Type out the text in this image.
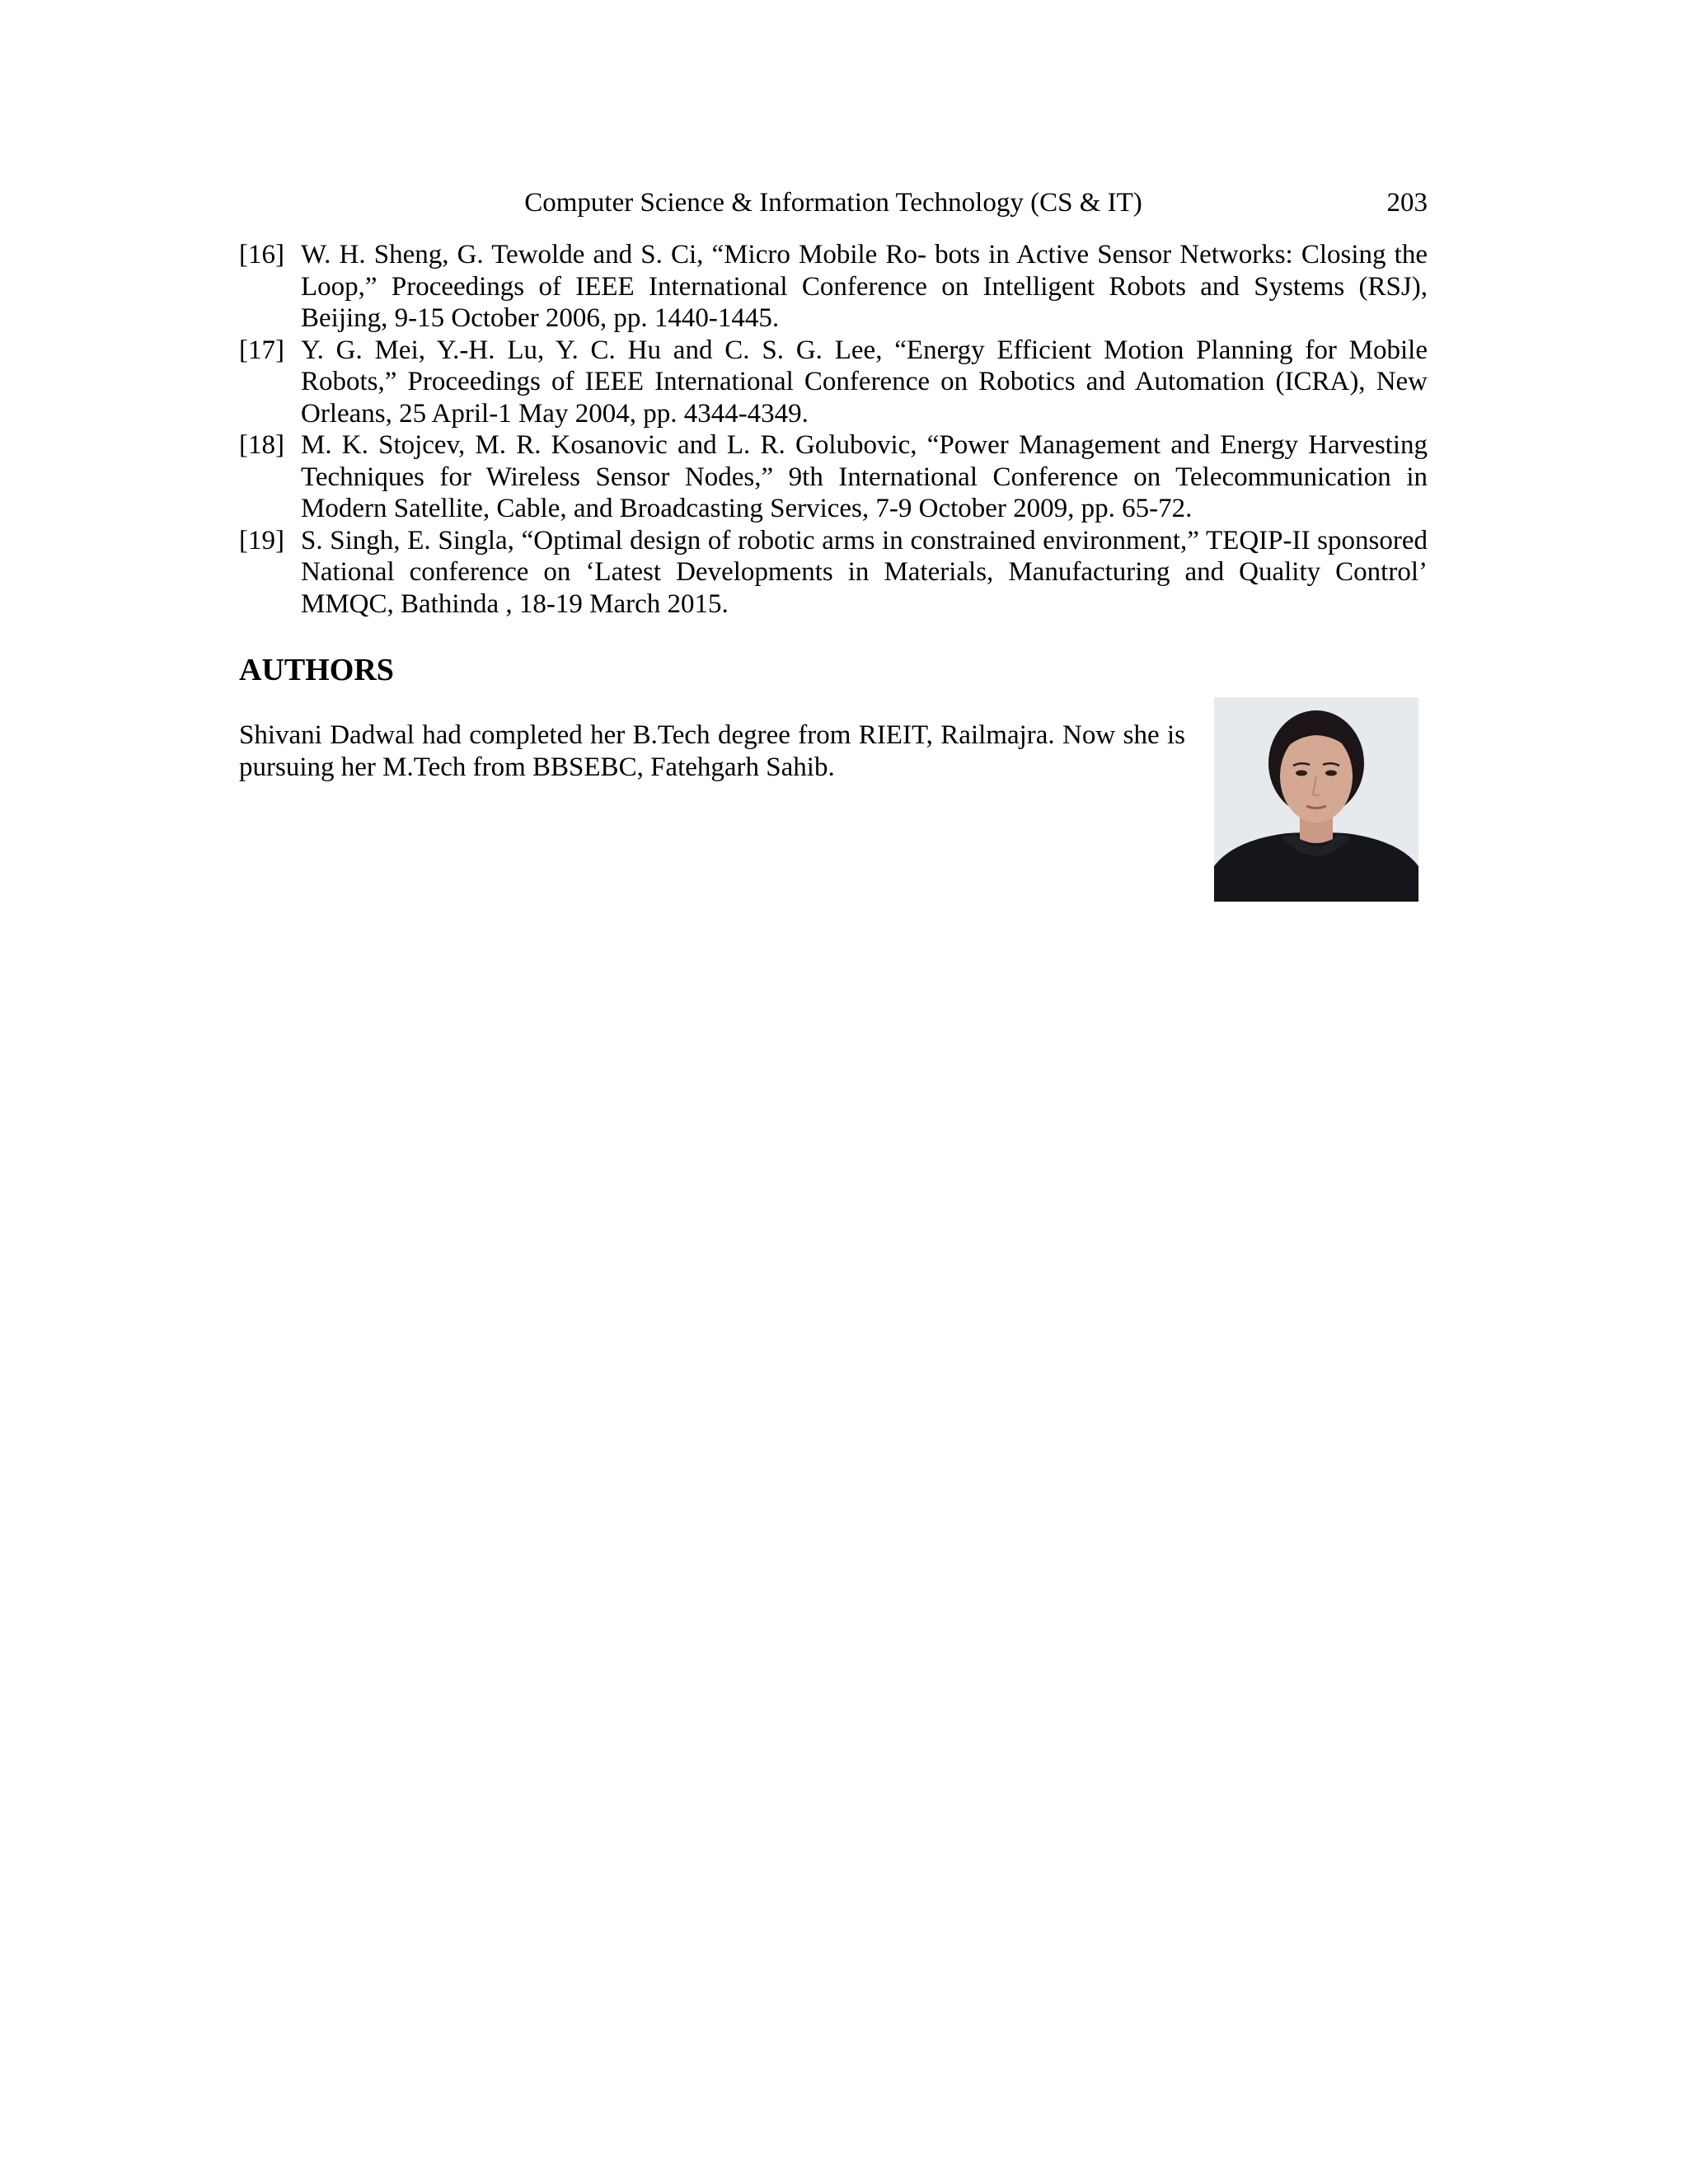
Computer Science & Information Technology (CS & IT)	203
[16] W. H. Sheng, G. Tewolde and S. Ci, “Micro Mobile Ro- bots in Active Sensor Networks: Closing the Loop,” Proceedings of IEEE International Conference on Intelligent Robots and Systems (RSJ), Beijing, 9-15 October 2006, pp. 1440-1445.
[17] Y. G. Mei, Y.-H. Lu, Y. C. Hu and C. S. G. Lee, “Energy Efficient Motion Planning for Mobile Robots,” Proceedings of IEEE International Conference on Robotics and Automation (ICRA), New Orleans, 25 April-1 May 2004, pp. 4344-4349.
[18] M. K. Stojcev, M. R. Kosanovic and L. R. Golubovic, “Power Management and Energy Harvesting Techniques for Wireless Sensor Nodes,” 9th International Conference on Telecommunication in Modern Satellite, Cable, and Broadcasting Services, 7-9 October 2009, pp. 65-72.
[19] S. Singh, E. Singla, “Optimal design of robotic arms in constrained environment,” TEQIP-II sponsored National conference on ‘Latest Developments in Materials, Manufacturing and Quality Control’ MMQC, Bathinda , 18-19 March 2015.
AUTHORS

Shivani Dadwal had completed her B.Tech degree from RIEIT, Railmajra. Now she is pursuing her M.Tech from BBSEBC, Fatehgarh Sahib.
